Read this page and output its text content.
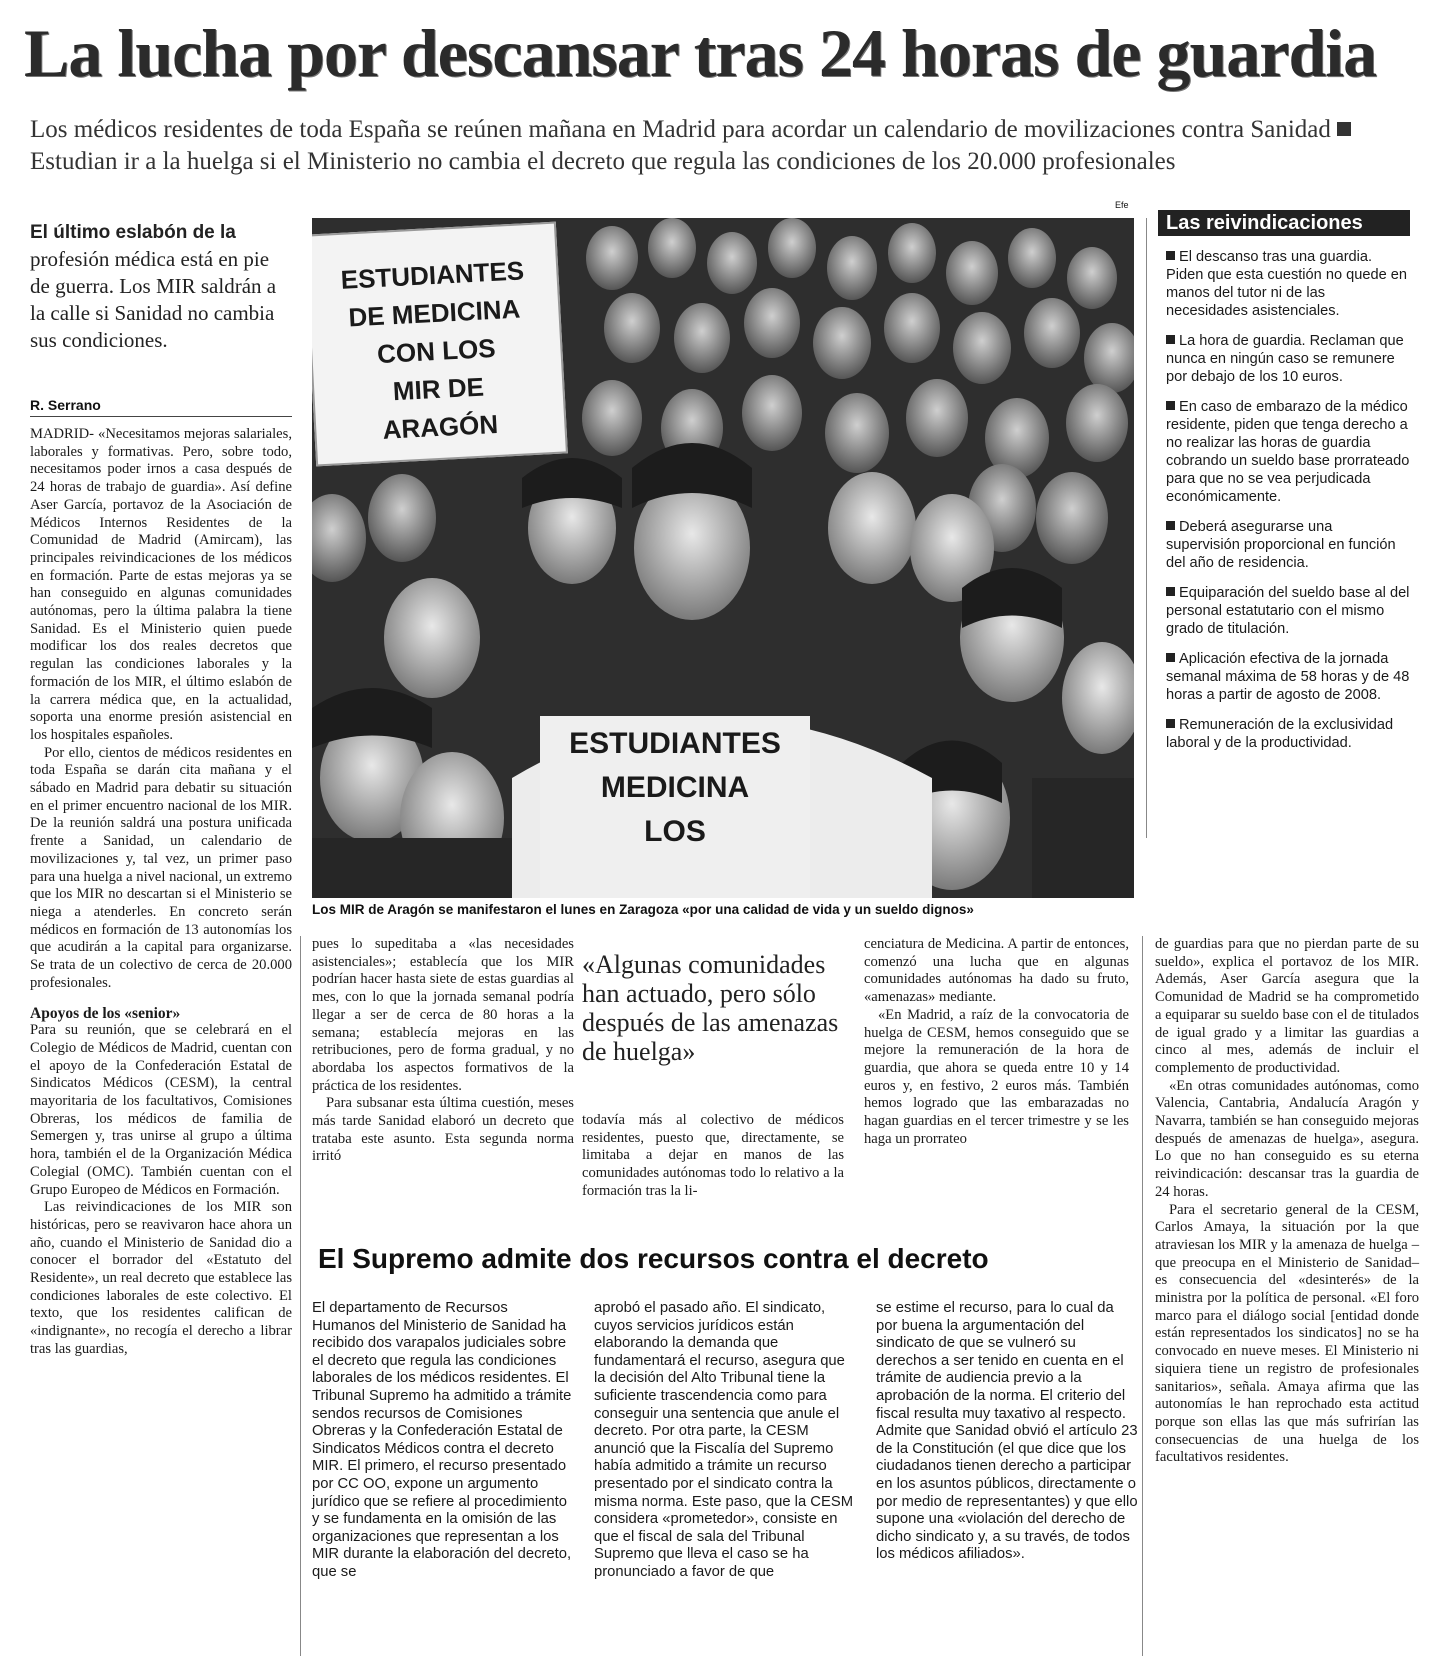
La lucha por descansar tras 24 horas de guardia
Los médicos residentes de toda España se reúnen mañana en Madrid para acordar un calendario de movilizaciones contra SanidadEstudian ir a la huelga si el Ministerio no cambia el decreto que regula las condiciones de los 20.000 profesionales
El último eslabón de la
profesión médica está en pie de guerra. Los MIR saldrán a la calle si Sanidad no cambia sus condiciones.
R. Serrano

MADRID- «Necesitamos mejoras salariales, laborales y formativas. Pero, sobre todo, necesitamos poder irnos a casa después de 24 horas de trabajo de guardia». Así define Aser García, portavoz de la Asociación de Médicos Internos Residentes de la Comunidad de Madrid (Amircam), las principales reivindicaciones de los médicos en formación. Parte de estas mejoras ya se han conseguido en algunas comunidades autónomas, pero la última palabra la tiene Sanidad. Es el Ministerio quien puede modificar los dos reales decretos que regulan las condiciones laborales y la formación de los MIR, el último eslabón de la carrera médica que, en la actualidad, soporta una enorme presión asistencial en los hospitales españoles.

Por ello, cientos de médicos residentes en toda España se darán cita mañana y el sábado en Madrid para debatir su situación en el primer encuentro nacional de los MIR. De la reunión saldrá una postura unificada frente a Sanidad, un calendario de movilizaciones y, tal vez, un primer paso para una huelga a nivel nacional, un extremo que los MIR no descartan si el Ministerio se niega a atenderles. En concreto serán médicos en formación de 13 autonomías los que acudirán a la capital para organizarse. Se trata de un colectivo de cerca de 20.000 profesionales.

Apoyos de los «senior»

Para su reunión, que se celebrará en el Colegio de Médicos de Madrid, cuentan con el apoyo de la Confederación Estatal de Sindicatos Médicos (CESM), la central mayoritaria de los facultativos, Comisiones Obreras, los médicos de familia de Semergen y, tras unirse al grupo a última hora, también el de la Organización Médica Colegial (OMC). También cuentan con el Grupo Europeo de Médicos en Formación.

Las reivindicaciones de los MIR son históricas, pero se reavivaron hace ahora un año, cuando el Ministerio de Sanidad dio a conocer el borrador del «Estatuto del Residente», un real decreto que establece las condiciones laborales de este colectivo. El texto, que los residentes califican de «indignante», no recogía el derecho a librar tras las guardias,

Efe
ESTUDIANTES
DE MEDICINA
CON LOS
MIR DE
ARAGÓN
ESTUDIANTES
MEDICINA
LOS
Los MIR de Aragón se manifestaron el lunes en Zaragoza «por una calidad de vida y un sueldo dignos»
Las reivindicaciones
El descanso tras una guardia. Piden que esta cuestión no quede en manos del tutor ni de las necesidades asistenciales.
La hora de guardia. Reclaman que nunca en ningún caso se remunere por debajo de los 10 euros.
En caso de embarazo de la médico residente, piden que tenga derecho a no realizar las horas de guardia cobrando un sueldo base prorrateado para que no se vea perjudicada económicamente.
Deberá asegurarse una supervisión proporcional en función del año de residencia.
Equiparación del sueldo base al del personal estatutario con el mismo grado de titulación.
Aplicación efectiva de la jornada semanal máxima de 58 horas y de 48 horas a partir de agosto de 2008.
Remuneración de la exclusividad laboral y de la productividad.

pues lo supeditaba a «las necesidades asistenciales»; establecía que los MIR podrían hacer hasta siete de estas guardias al mes, con lo que la jornada semanal podría llegar a ser de cerca de 80 horas a la semana; establecía mejoras en las retribuciones, pero de forma gradual, y no abordaba los aspectos formativos de la práctica de los residentes.

Para subsanar esta última cuestión, meses más tarde Sanidad elaboró un decreto que trataba este asunto. Esta segunda norma irritó

«Algunas comunidades han actuado, pero sólo después de las amenazas de huelga»

todavía más al colectivo de médicos residentes, puesto que, directamente, se limitaba a dejar en manos de las comunidades autónomas todo lo relativo a la formación tras la li-

cenciatura de Medicina. A partir de entonces, comenzó una lucha que en algunas comunidades autónomas ha dado su fruto, «amenazas» mediante.

«En Madrid, a raíz de la convocatoria de huelga de CESM, hemos conseguido que se mejore la remuneración de la hora de guardia, que ahora se queda entre 10 y 14 euros y, en festivo, 2 euros más. También hemos logrado que las embarazadas no hagan guardias en el tercer trimestre y se les haga un prorrateo

de guardias para que no pierdan parte de su sueldo», explica el portavoz de los MIR. Además, Aser García asegura que la Comunidad de Madrid se ha comprometido a equiparar su sueldo base con el de titulados de igual grado y a limitar las guardias a cinco al mes, además de incluir el complemento de productividad.

«En otras comunidades autónomas, como Valencia, Cantabria, Andalucía Aragón y Navarra, también se han conseguido mejoras después de amenazas de huelga», asegura. Lo que no han conseguido es su eterna reivindicación: descansar tras la guardia de 24 horas.

Para el secretario general de la CESM, Carlos Amaya, la situación por la que atraviesan los MIR y la amenaza de huelga –que preocupa en el Ministerio de Sanidad– es consecuencia del «desinterés» de la ministra por la política de personal. «El foro marco para el diálogo social [entidad donde están representados los sindicatos] no se ha convocado en nueve meses. El Ministerio ni siquiera tiene un registro de profesionales sanitarios», señala. Amaya afirma que las autonomías le han reprochado esta actitud porque son ellas las que más sufrirían las consecuencias de una huelga de los facultativos residentes.

El Supremo admite dos recursos contra el decreto

El departamento de Recursos Humanos del Ministerio de Sanidad ha recibido dos varapalos judiciales sobre el decreto que regula las condiciones laborales de los médicos residentes. El Tribunal Supremo ha admitido a trámite sendos recursos de Comisiones Obreras y la Confederación Estatal de Sindicatos Médicos contra el decreto MIR. El primero, el recurso presentado por CC OO, expone un argumento jurídico que se refiere al procedimiento y se fundamenta en la omisión de las organizaciones que representan a los MIR durante la elaboración del decreto, que se

aprobó el pasado año. El sindicato, cuyos servicios jurídicos están elaborando la demanda que fundamentará el recurso, asegura que la decisión del Alto Tribunal tiene la suficiente trascendencia como para conseguir una sentencia que anule el decreto. Por otra parte, la CESM anunció que la Fiscalía del Supremo había admitido a trámite un recurso presentado por el sindicato contra la misma norma. Este paso, que la CESM considera «prometedor», consiste en que el fiscal de sala del Tribunal Supremo que lleva el caso se ha pronunciado a favor de que

se estime el recurso, para lo cual da por buena la argumentación del sindicato de que se vulneró su derechos a ser tenido en cuenta en el trámite de audiencia previo a la aprobación de la norma. El criterio del fiscal resulta muy taxativo al respecto. Admite que Sanidad obvió el artículo 23 de la Constitución (el que dice que los ciudadanos tienen derecho a participar en los asuntos públicos, directamente o por medio de representantes) y que ello supone una «violación del derecho de dicho sindicato y, a su través, de todos los médicos afiliados».
